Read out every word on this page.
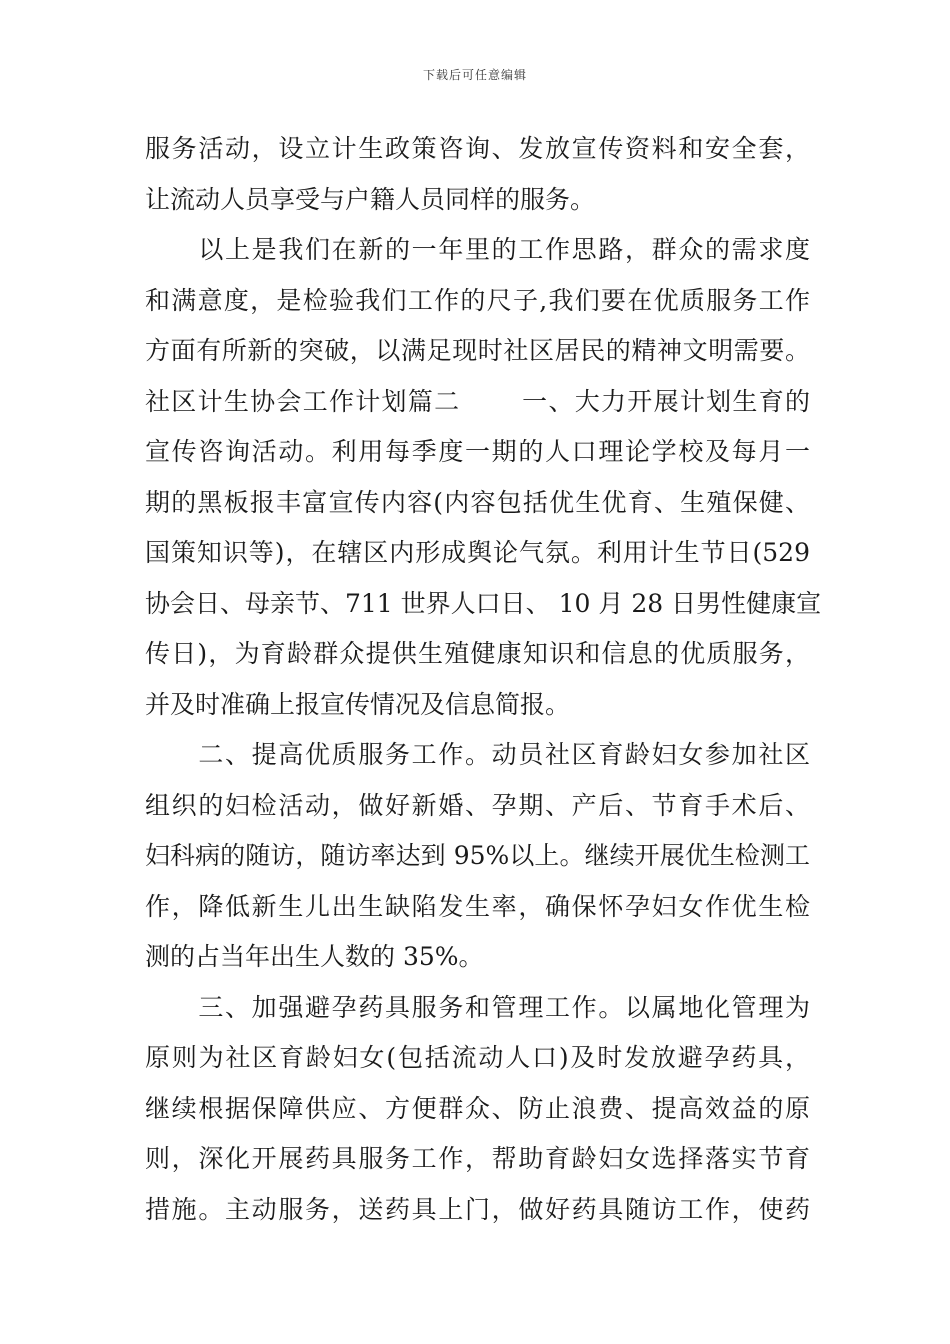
下载后可任意编辑
服务活动，设立计生政策咨询、发放宣传资料和安全套，
让流动人员享受与户籍人员同样的服务。
　　以上是我们在新的一年里的工作思路，群众的需求度
和满意度，是检验我们工作的尺子,我们要在优质服务工作
方面有所新的突破，以满足现时社区居民的精神文明需要。
社区计生协会工作计划篇二　　 一、大力开展计划生育的
宣传咨询活动。利用每季度一期的人口理论学校及每月一
期的黑板报丰富宣传内容(内容包括优生优育、生殖保健、
国策知识等)，在辖区内形成舆论气氛。利用计生节日(529
协会日、母亲节、711 世界人口日、 10 月 28 日男性健康宣
传日)，为育龄群众提供生殖健康知识和信息的优质服务，
并及时准确上报宣传情况及信息简报。
　　二、提高优质服务工作。动员社区育龄妇女参加社区
组织的妇检活动，做好新婚、孕期、产后、节育手术后、
妇科病的随访，随访率达到 95%以上。继续开展优生检测工
作，降低新生儿出生缺陷发生率，确保怀孕妇女作优生检
测的占当年出生人数的 35%。
　　三、加强避孕药具服务和管理工作。以属地化管理为
原则为社区育龄妇女(包括流动人口)及时发放避孕药具，
继续根据保障供应、方便群众、防止浪费、提高效益的原
则，深化开展药具服务工作，帮助育龄妇女选择落实节育
措施。主动服务，送药具上门，做好药具随访工作，使药
